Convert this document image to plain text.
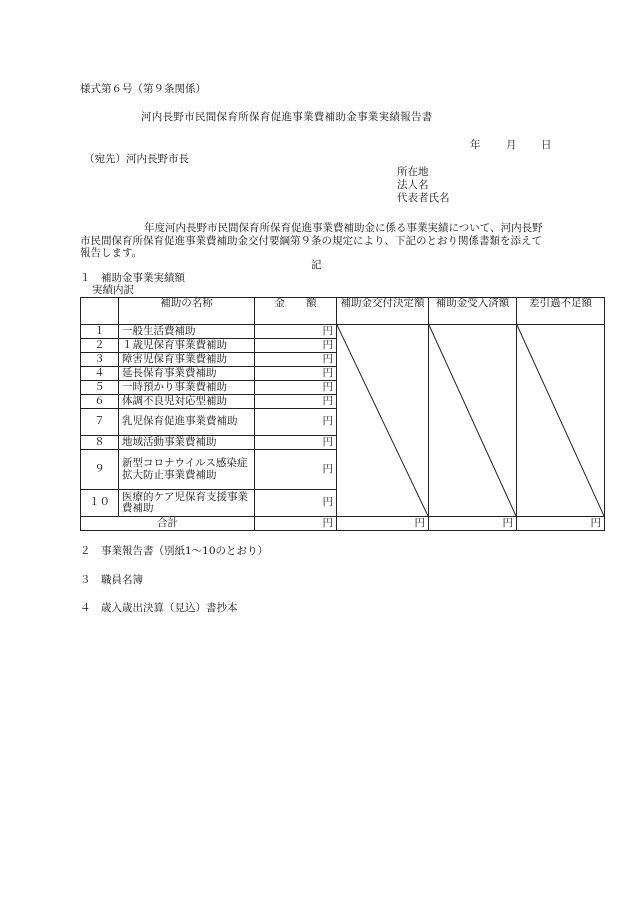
様式第６号（第９条関係）
河内長野市民間保育所保育促進事業費補助金事業実績報告書
年 月 日
（宛先）河内長野市長
所在地
法人名
代表者氏名
年度河内長野市民間保育所保育促進事業費補助金に係る事業実績について、河内長野市民間保育所保育促進事業費補助金交付要綱第９条の規定により、下記のとおり関係書類を添えて報告します。
記
１　補助金事業実績額
実績内訳
	補助の名称	金　　額	補助金交付決定額	補助金受入済額	差引過不足額
１	一般生活費補助	円	

２	１歳児保育事業費補助	円			
３	障害児保育事業費補助	円			
４	延長保育事業費補助	円			
５	一時預かり事業費補助	円			
６	体調不良児対応型補助	円			
７	乳児保育促進事業費補助	円			
８	地域活動事業費補助	円			
９	新型コロナウイルス感染症拡大防止事業費補助	円			
１０	医療的ケア児保育支援事業費補助	円			
合計		円	円	円	円
２　事業報告書（別紙1～10のとおり）
３　職員名簿
４　歳入歳出決算（見込）書抄本
